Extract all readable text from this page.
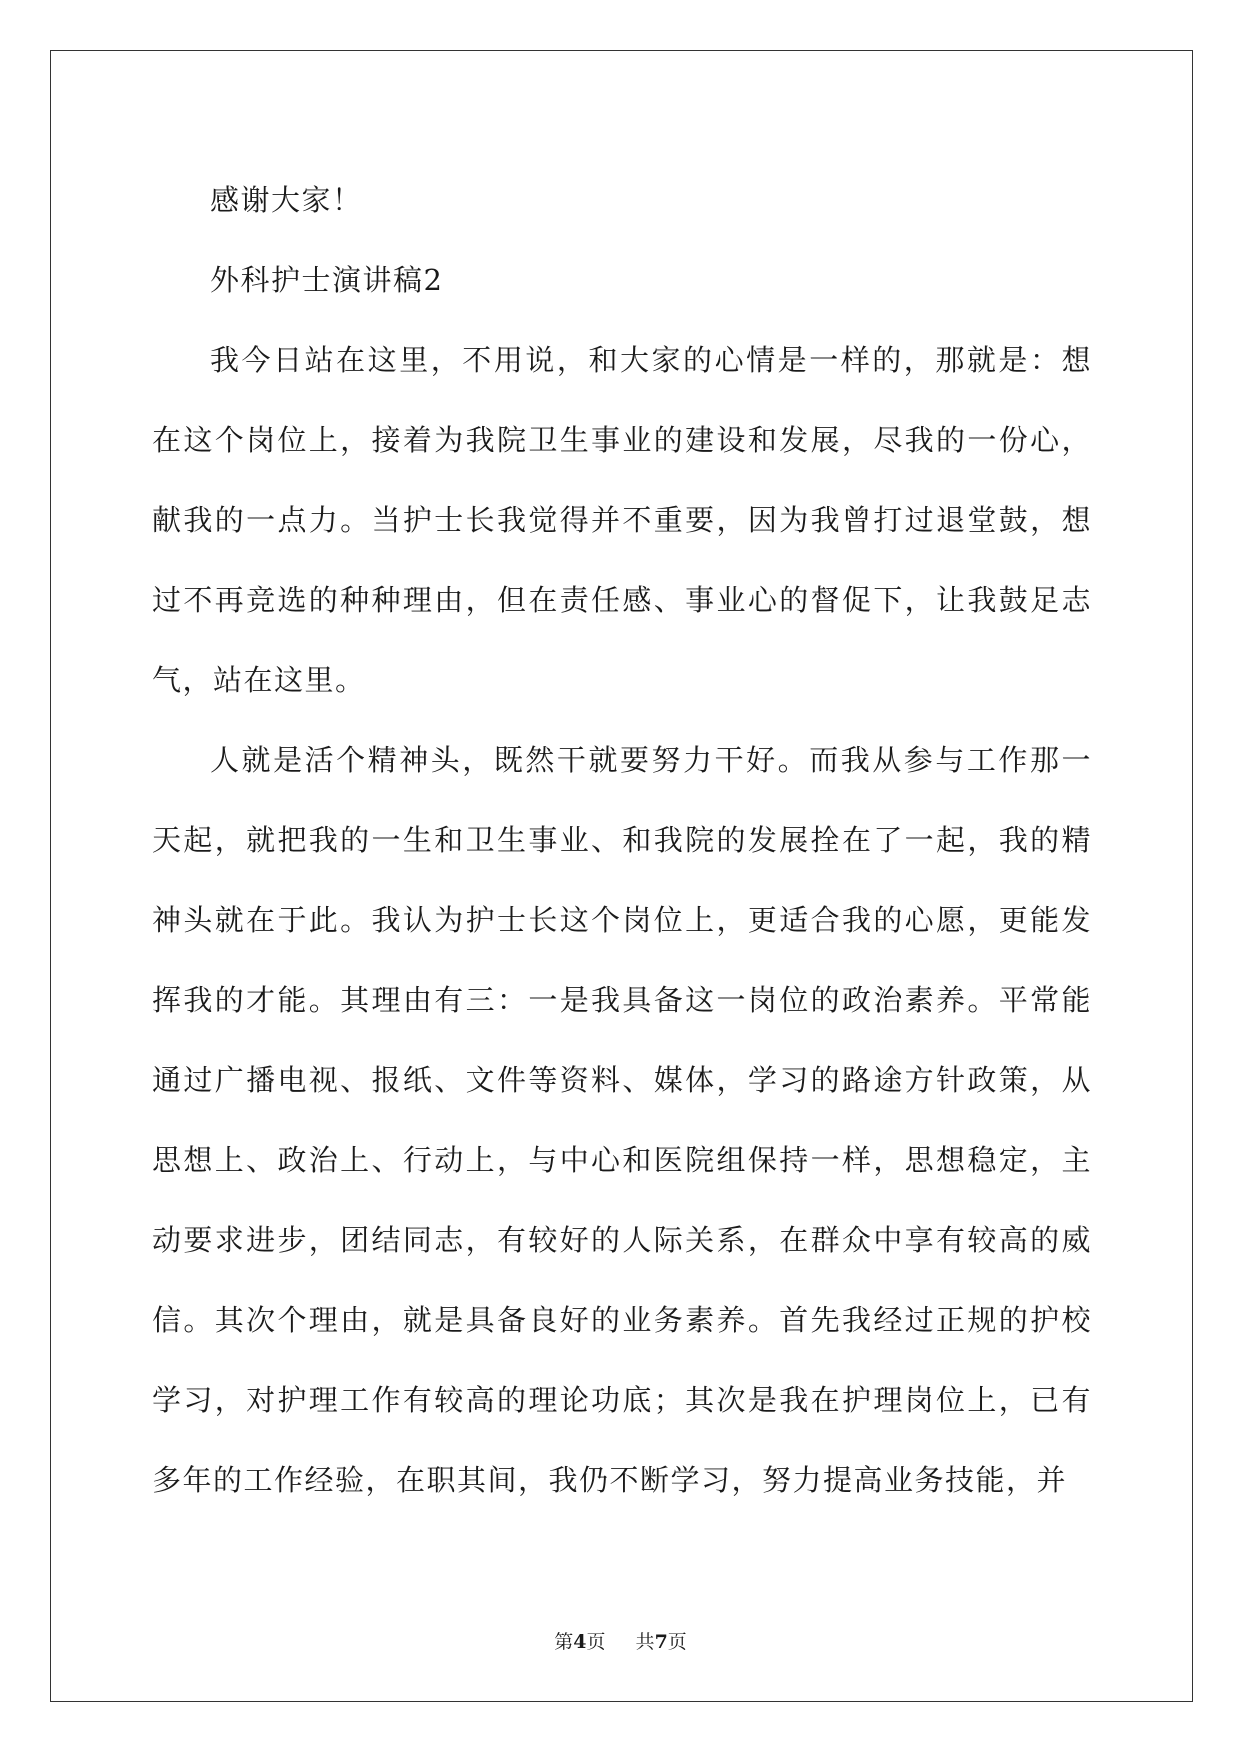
感谢大家！

外科护士演讲稿2

我今日站在这里，不用说，和大家的心情是一样的，那就是：想在这个岗位上，接着为我院卫生事业的建设和发展，尽我的一份心，献我的一点力。当护士长我觉得并不重要，因为我曾打过退堂鼓，想过不再竞选的种种理由，但在责任感、事业心的督促下，让我鼓足志气，站在这里。

人就是活个精神头，既然干就要努力干好。而我从参与工作那一天起，就把我的一生和卫生事业、和我院的发展拴在了一起，我的精神头就在于此。我认为护士长这个岗位上，更适合我的心愿，更能发挥我的才能。其理由有三：一是我具备这一岗位的政治素养。平常能通过广播电视、报纸、文件等资料、媒体，学习的路途方针政策，从思想上、政治上、行动上，与中心和医院组保持一样，思想稳定，主动要求进步，团结同志，有较好的人际关系，在群众中享有较高的威信。其次个理由，就是具备良好的业务素养。首先我经过正规的护校学习，对护理工作有较高的理论功底；其次是我在护理岗位上，已有多年的工作经验，在职其间，我仍不断学习，努力提高业务技能，并

第4页 共7页
